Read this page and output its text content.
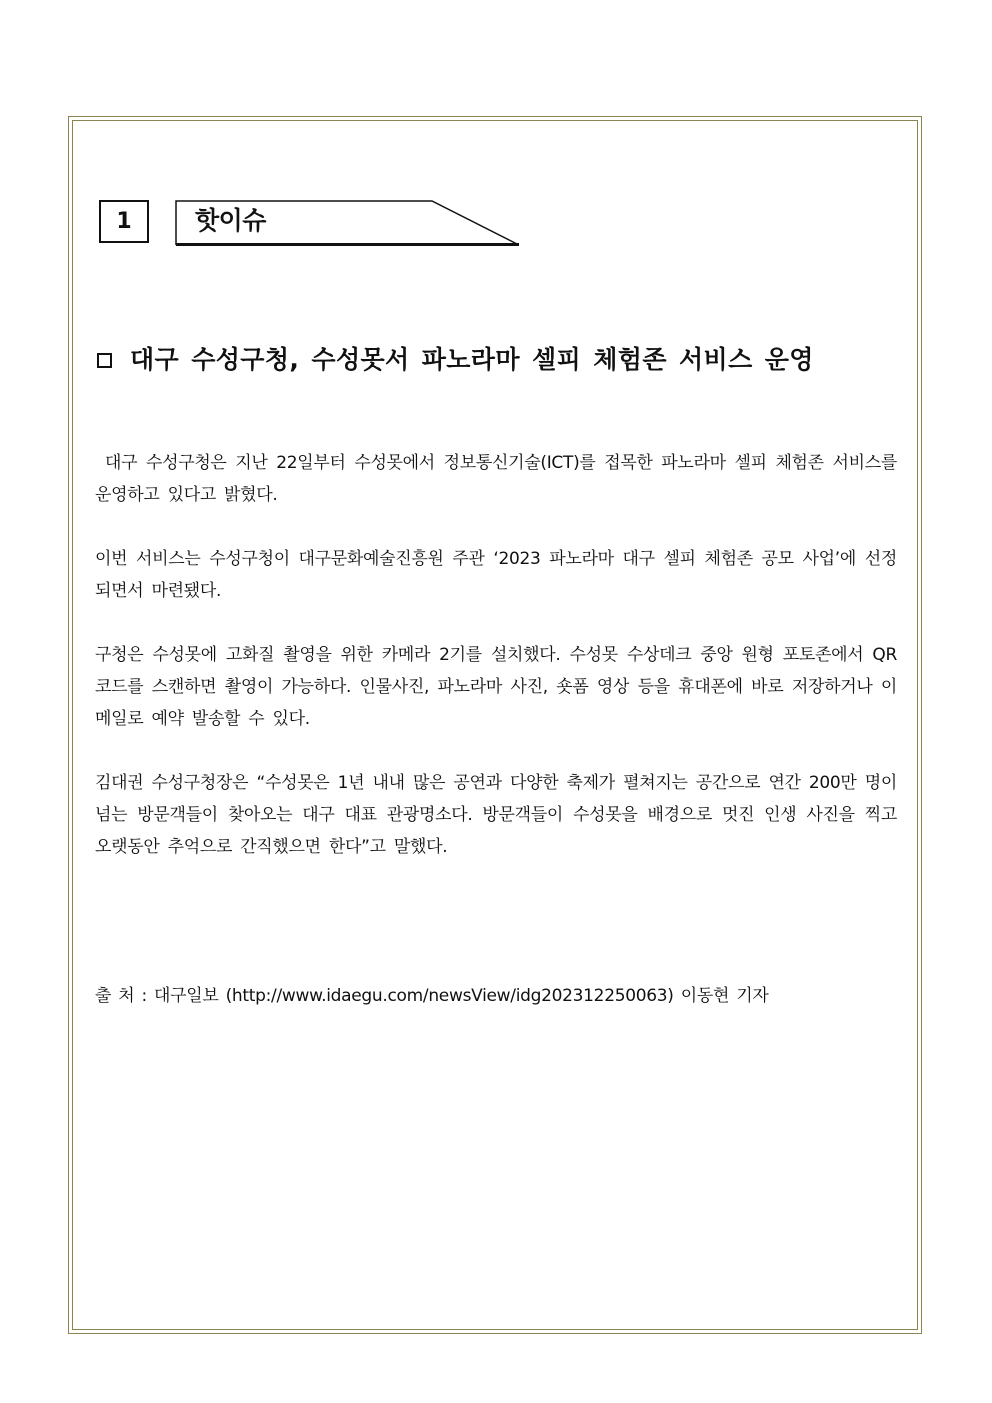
1	핫이슈
대구 수성구청, 수성못서 파노라마 셀피 체험존 서비스 운영

대구 수성구청은 지난 22일부터 수성못에서 정보통신기술(ICT)를 접목한 파노라마 셀피 체험존 서비스를 운영하고 있다고 밝혔다.

이번 서비스는 수성구청이 대구문화예술진흥원 주관 ‘2023 파노라마 대구 셀피 체험존 공모 사업’에 선정되면서 마련됐다.

구청은 수성못에 고화질 촬영을 위한 카메라 2기를 설치했다. 수성못 수상데크 중앙 원형 포토존에서 QR코드를 스캔하면 촬영이 가능하다. 인물사진, 파노라마 사진, 숏폼 영상 등을 휴대폰에 바로 저장하거나 이메일로 예약 발송할 수 있다.

김대권 수성구청장은 “수성못은 1년 내내 많은 공연과 다양한 축제가 펼쳐지는 공간으로 연간 200만 명이 넘는 방문객들이 찾아오는 대구 대표 관광명소다. 방문객들이 수성못을 배경으로 멋진 인생 사진을 찍고 오랫동안 추억으로 간직했으면 한다”고 말했다.

출 처 : 대구일보 (http://www.idaegu.com/newsView/idg202312250063) 이동현 기자
